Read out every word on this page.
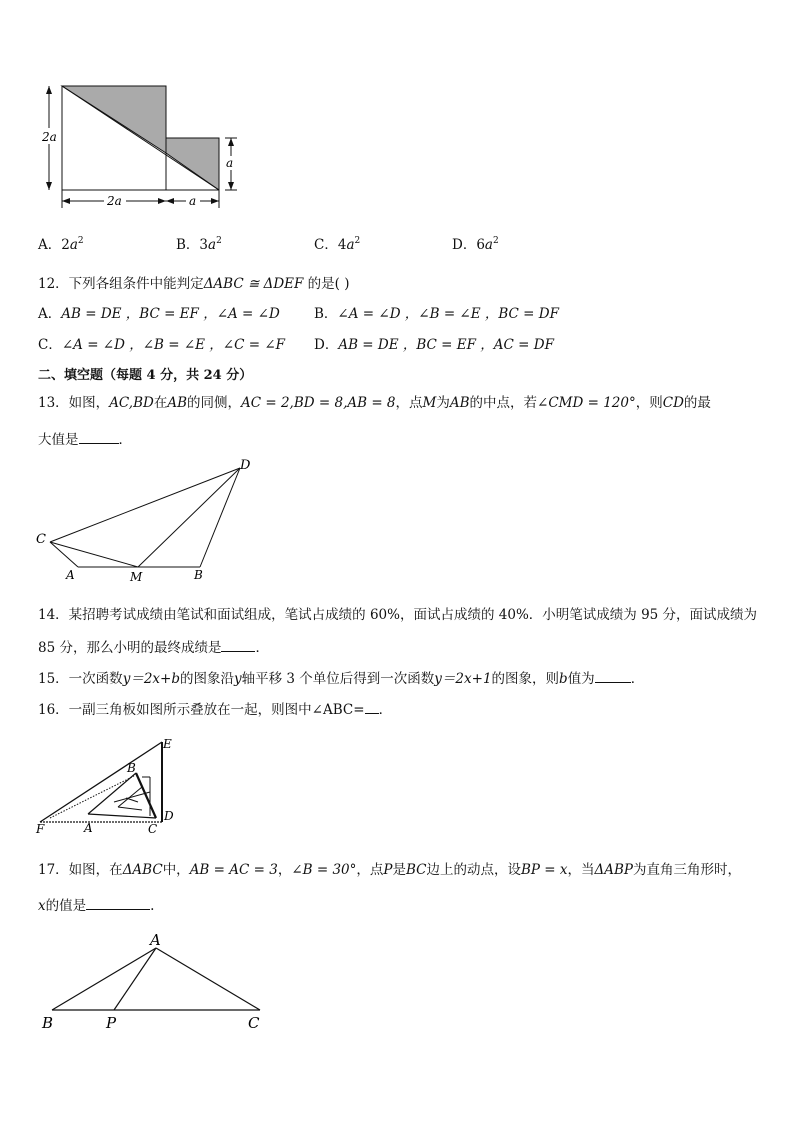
2a
a
2a	a
A．$2a^2$	B．$3a^2$	C．$4a^2$	D．$6a^2$
12．下列各组条件中能判定ΔABC ≅ ΔDEF 的是( )
A．AB = DE ，BC = EF ，∠A = ∠D	B．∠A = ∠D ，∠B = ∠E ，BC = DF
C．∠A = ∠D ，∠B = ∠E ，∠C = ∠F D．AB = DE ，BC = EF ，AC = DF
二、填空题（每题 4 分，共 24 分）
13．如图，AC,BD在AB的同侧，AC = 2,BD = 8,AB = 8，点M为AB的中点，若∠CMD = 120°，则CD的最
大值是	．
C
A	M	B
D
14．某招聘考试成绩由笔试和面试组成，笔试占成绩的 60%，面试占成绩的 40%．小明笔试成绩为 95 分，面试成绩为
85 分，那么小明的最终成绩是	．
15．一次函数y＝2x+b的图象沿y轴平移 3 个单位后得到一次函数y＝2x+1的图象，则b值为	．
16．一副三角板如图所示叠放在一起，则图中∠ABC= ．
E
B
D
F	A	C
17．如图，在ΔABC中，AB = AC = 3，∠B = 30°，点P是BC边上的动点，设BP = x，当ΔABP为直角三角形时，
x的值是	.
A
B	P	C
